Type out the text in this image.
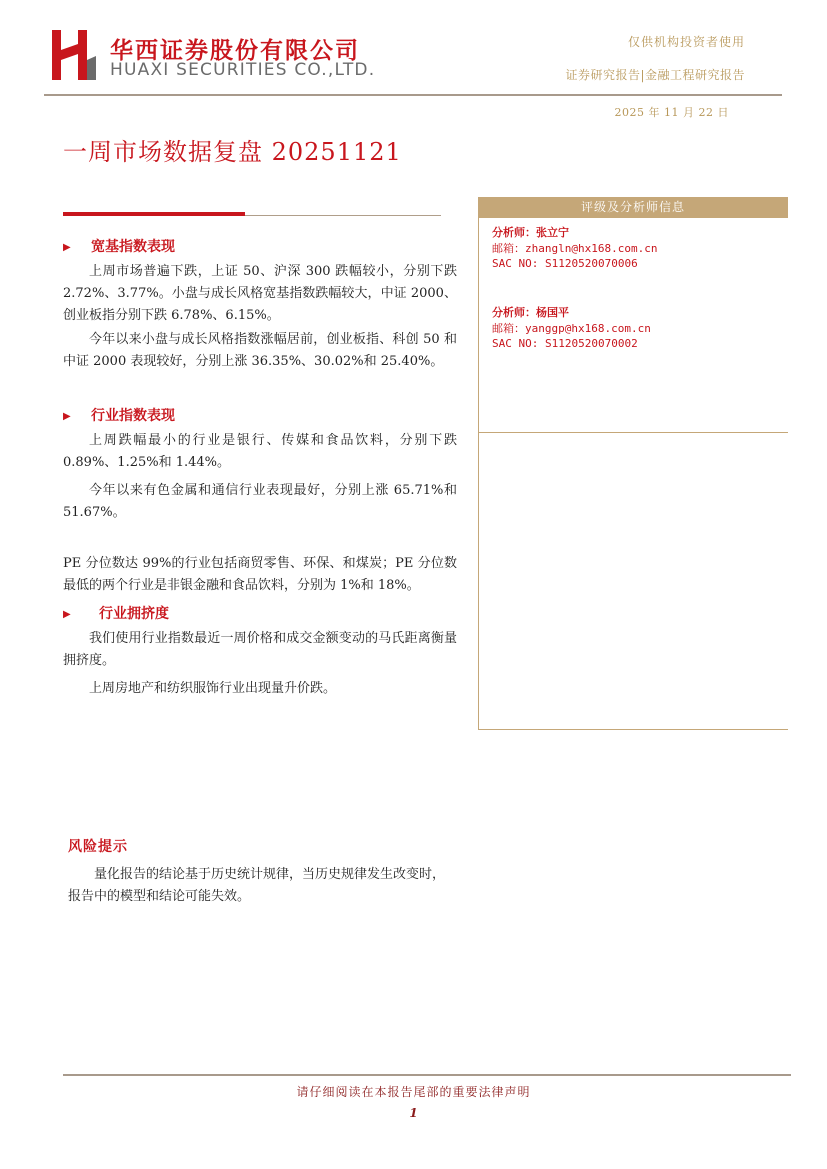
华西证券股份有限公司
HUAXI SECURITIES CO.,LTD.
仅供机构投资者使用
证券研究报告|金融工程研究报告
2025 年 11 月 22 日
一周市场数据复盘 20251121
▶ 宽基指数表现
上周市场普遍下跌，上证 50、沪深 300 跌幅较小，分别下跌 2.72%、3.77%。小盘与成长风格宽基指数跌幅较大，中证 2000、创业板指分别下跌 6.78%、6.15%。
今年以来小盘与成长风格指数涨幅居前，创业板指、科创 50 和中证 2000 表现较好，分别上涨 36.35%、30.02%和 25.40%。
▶ 行业指数表现
上周跌幅最小的行业是银行、传媒和食品饮料，分别下跌 0.89%、1.25%和 1.44%。
今年以来有色金属和通信行业表现最好，分别上涨 65.71%和 51.67%。
PE 分位数达 99%的行业包括商贸零售、环保、和煤炭；PE 分位数最低的两个行业是非银金融和食品饮料，分别为 1%和 18%。
▶ 行业拥挤度
我们使用行业指数最近一周价格和成交金额变动的马氏距离衡量拥挤度。
上周房地产和纺织服饰行业出现量升价跌。
评级及分析师信息
分析师：张立宁
邮箱：zhangln@hx168.com.cn
SAC NO: S1120520070006
分析师：杨国平
邮箱：yanggp@hx168.com.cn
SAC NO: S1120520070002
风险提示
量化报告的结论基于历史统计规律，当历史规律发生改变时，报告中的模型和结论可能失效。
请仔细阅读在本报告尾部的重要法律声明
1
